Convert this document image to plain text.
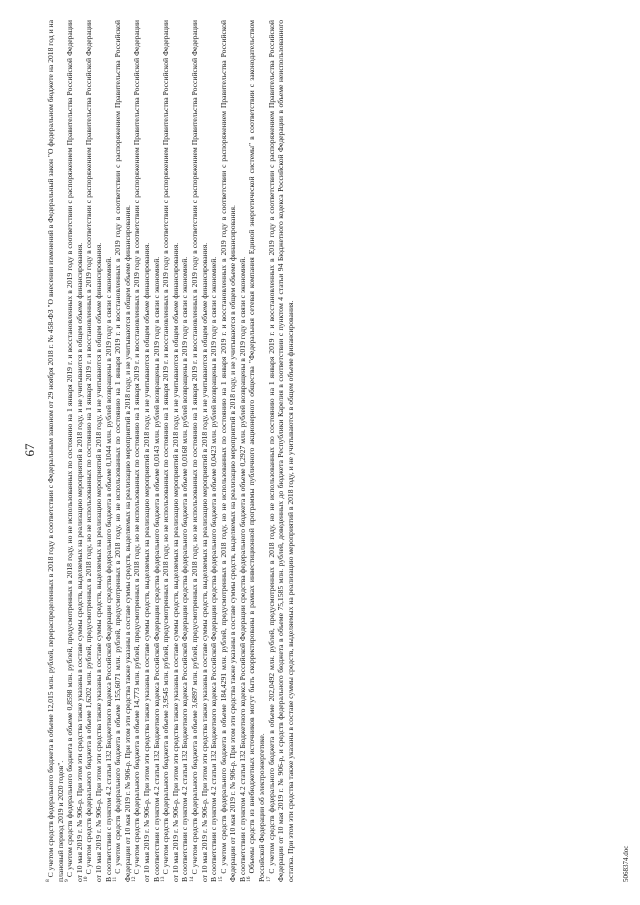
67

$^8$ С учетом средств федерального бюджета в объеме 12,015 млн. рублей, перераспределенных в 2018 году в соответствии с Федеральным законом от 29 ноября 2018 г. № 458-ФЗ "О внесении изменений в Федеральный закон "О федеральном бюджете на 2018 год и на плановый период 2019 и 2020 годов". $^9$ С учетом средств федерального бюджета в объеме 0,8598 млн. рублей, предусмотренных в 2018 году, но не использованных по состоянию на 1 января 2019 г. и восстановленных в 2019 году в соответствии с распоряжением Правительства Российской Федерации от 10 мая 2019 г. № 906-р. При этом эти средства также указаны в составе суммы средств, выделяемых на реализацию мероприятий в 2018 году, и не учитываются в общем объеме финансирования. $^{10}$ С учетом средств федерального бюджета в объеме 1,6202 млн. рублей, предусмотренных в 2018 году, но не использованных по состоянию на 1 января 2019 г. и восстановленных в 2019 году в соответствии с распоряжением Правительства Российской Федерации от 10 мая 2019 г. № 906-р. При этом эти средства также указаны в составе суммы средств, выделяемых на реализацию мероприятий в 2018 году, и не учитываются в общем объеме финансирования. В соответствии с пунктом 4.2 статьи 132 Бюджетного кодекса Российской Федерации средства федерального бюджета в объеме 0,1044 млн. рублей возвращены в 2019 году в связи с экономией. $^{11}$ С учетом средств федерального бюджета в объеме 155,6071 млн. рублей, предусмотренных в 2018 году, но не использованных по состоянию на 1 января 2019 г. и восстановленных в 2019 году в соответствии с распоряжением Правительства Российской Федерации от 10 мая 2019 г. № 906-р. При этом эти средства также указаны в составе суммы средств, выделяемых на реализацию мероприятий в 2018 году, и не учитываются в общем объеме финансирования. $^{12}$ С учетом средств федерального бюджета в объеме 14,773 млн. рублей, предусмотренных в 2018 году, но не использованных по состоянию на 1 января 2019 г. и восстановленных в 2019 году в соответствии с распоряжением Правительства Российской Федерации от 10 мая 2019 г. № 906-р. При этом эти средства также указаны в составе суммы средств, выделяемых на реализацию мероприятий в 2018 году, и не учитываются в общем объеме финансирования. В соответствии с пунктом 4.2 статьи 132 Бюджетного кодекса Российской Федерации средства федерального бюджета в объеме 0,0143 млн. рублей возвращены в 2019 году в связи с экономией. $^{13}$ С учетом средств федерального бюджета в объеме 3,9545 млн. рублей, предусмотренных в 2018 году, но не использованных по состоянию на 1 января 2019 г. и восстановленных в 2019 году в соответствии с распоряжением Правительства Российской Федерации от 10 мая 2019 г. № 906-р. При этом эти средства также указаны в составе суммы средств, выделяемых на реализацию мероприятий в 2018 году, и не учитываются в общем объеме финансирования. В соответствии с пунктом 4.2 статьи 132 Бюджетного кодекса Российской Федерации средства федерального бюджета в объеме 0,0168 млн. рублей возвращены в 2019 году в связи с экономией. $^{14}$ С учетом средств федерального бюджета в объеме 3,6897 млн. рублей, предусмотренных в 2018 году, но не использованных по состоянию на 1 января 2019 г. и восстановленных в 2019 году в соответствии с распоряжением Правительства Российской Федерации от 10 мая 2019 г. № 906-р. При этом эти средства также указаны в составе суммы средств, выделяемых на реализацию мероприятий в 2018 году, и не учитываются в общем объеме финансирования. В соответствии с пунктом 4.2 статьи 132 Бюджетного кодекса Российской Федерации средства федерального бюджета в объеме 0,0423 млн. рублей возвращены в 2019 году в связи с экономией. $^{15}$ С учетом средств федерального бюджета в объеме 184,4291 млн. рублей, предусмотренных в 2018 году, но не использованных по состоянию на 1 января 2019 г. и восстановленных в 2019 году в соответствии с распоряжением Правительства Российской Федерации от 10 мая 2019 г. № 906-р. При этом эти средства также указаны в составе суммы средств, выделяемых на реализацию мероприятий в 2018 году, и не учитываются в общем объеме финансирования. В соответствии с пунктом 4.2 статьи 132 Бюджетного кодекса Российской Федерации средства федерального бюджета в объеме 0,2927 млн. рублей возвращены в 2019 году в связи с экономией. $^{16}$ Объемы средств из внебюджетных источников могут быть скорректированы в рамках инвестиционной программы публичного акционерного общества "Федеральная сетевая компания Единой энергетической системы" в соответствии с законодательством Российской Федерации об электроэнергетике. $^{17}$ С учетом средств федерального бюджета в объеме 202,0492 млн. рублей, предусмотренных в 2018 году, но не использованных по состоянию на 1 января 2019 г. и восстановленных в 2019 году в соответствии с распоряжением Правительства Российской Федерации от 10 мая 2019 г. № 906-р, и средств федерального бюджета в объеме 75,1585 млн. рублей, доведенных до бюджета Республики Карелия в соответствии с пунктом 4 статьи 94 Бюджетного кодекса Российской Федерации в объеме неиспользованного остатка. При этом эти средства также указаны в составе суммы средств, выделяемых на реализацию мероприятий в 2018 году, и не учитываются в общем объеме финансирования.	5068374.doc
